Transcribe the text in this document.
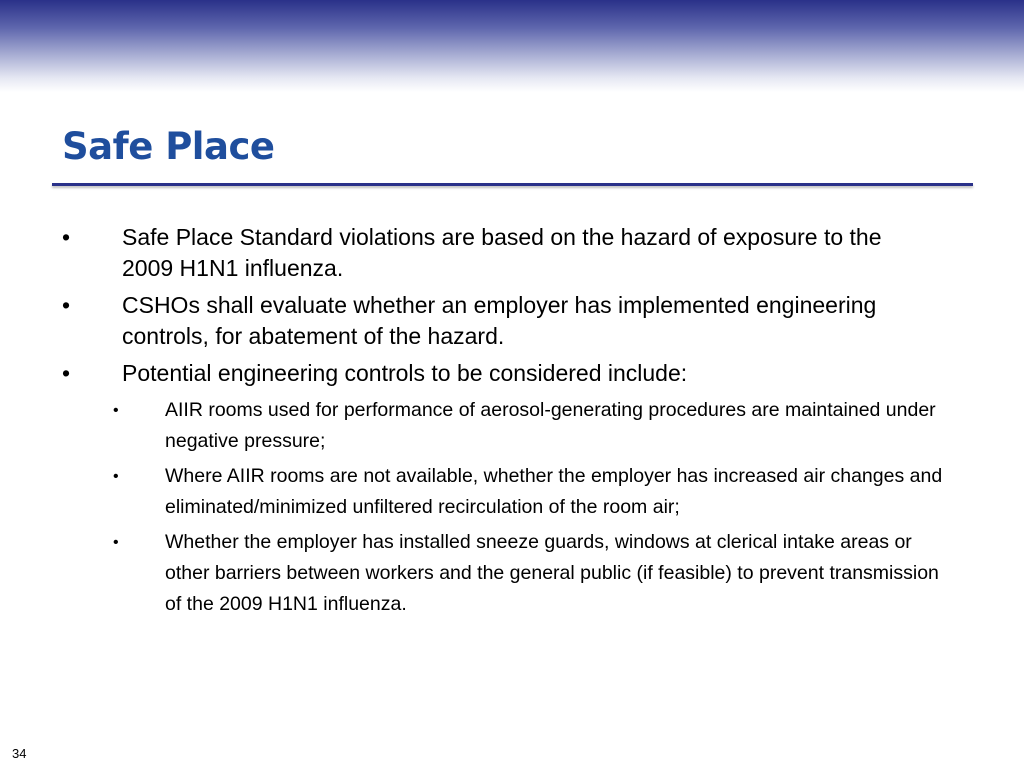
Safe Place
• Safe Place Standard violations are based on the hazard of exposure to the 2009 H1N1 influenza.
• CSHOs shall evaluate whether an employer has implemented engineering controls, for abatement of the hazard.
• Potential engineering controls to be considered include:
• AIIR rooms used for performance of aerosol-generating procedures are maintained under negative pressure;
• Where AIIR rooms are not available, whether the employer has increased air changes and eliminated/minimized unfiltered recirculation of the room air;
• Whether the employer has installed sneeze guards, windows at clerical intake areas or other barriers between workers and the general public (if feasible) to prevent transmission of the 2009 H1N1 influenza.
34
